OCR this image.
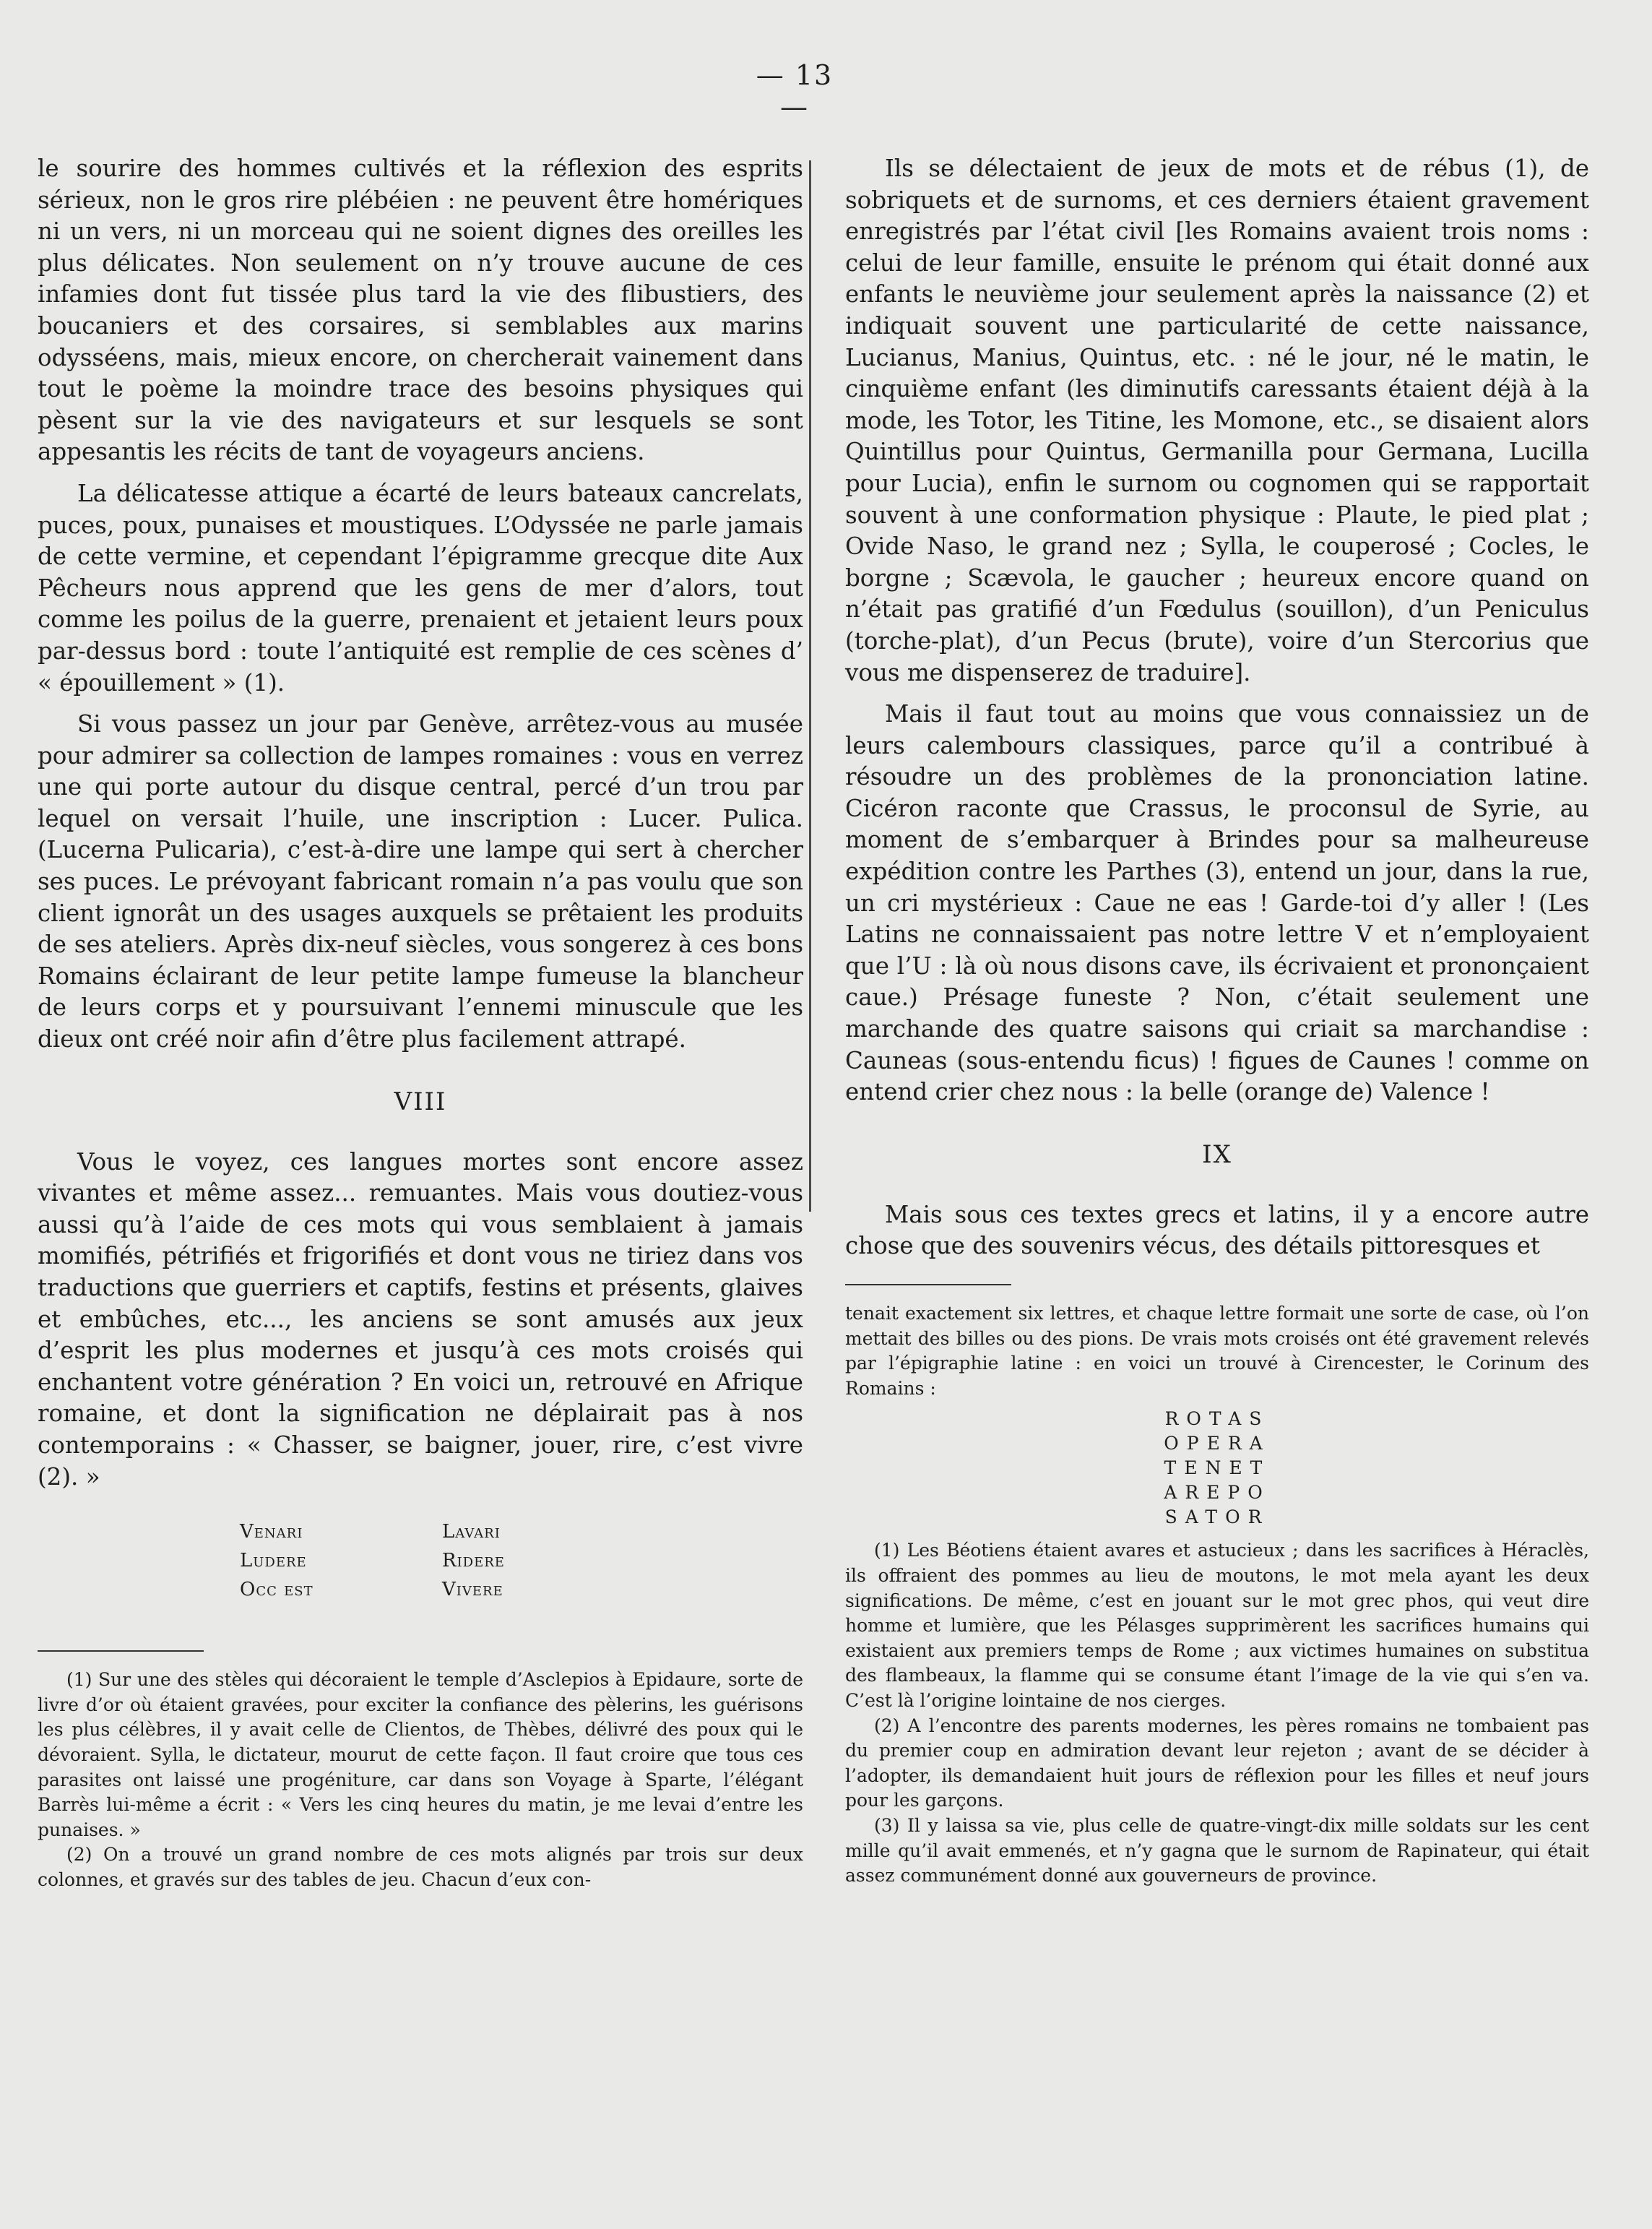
— 13 —

le sourire des hommes cultivés et la réflexion des esprits sérieux, non le gros rire plébéien : ne peuvent être homériques ni un vers, ni un morceau qui ne soient dignes des oreilles les plus délicates. Non seulement on n’y trouve aucune de ces infamies dont fut tissée plus tard la vie des flibustiers, des boucaniers et des corsaires, si semblables aux marins odysséens, mais, mieux encore, on chercherait vainement dans tout le poème la moindre trace des besoins physiques qui pèsent sur la vie des navigateurs et sur lesquels se sont appesantis les récits de tant de voyageurs anciens.

La délicatesse attique a écarté de leurs bateaux cancrelats, puces, poux, punaises et moustiques. L’Odyssée ne parle jamais de cette vermine, et cependant l’épigramme grecque dite Aux Pêcheurs nous apprend que les gens de mer d’alors, tout comme les poilus de la guerre, prenaient et jetaient leurs poux par-dessus bord : toute l’antiquité est remplie de ces scènes d’ « épouillement » (1).

Si vous passez un jour par Genève, arrêtez-vous au musée pour admirer sa collection de lampes romaines : vous en verrez une qui porte autour du disque central, percé d’un trou par lequel on versait l’huile, une inscription : Lucer. Pulica. (Lucerna Pulicaria), c’est-à-dire une lampe qui sert à chercher ses puces. Le prévoyant fabricant romain n’a pas voulu que son client ignorât un des usages auxquels se prêtaient les produits de ses ateliers. Après dix-neuf siècles, vous songerez à ces bons Romains éclairant de leur petite lampe fumeuse la blancheur de leurs corps et y poursuivant l’ennemi minuscule que les dieux ont créé noir afin d’être plus facilement attrapé.

VIII

Vous le voyez, ces langues mortes sont encore assez vivantes et même assez... remuantes. Mais vous doutiez-vous aussi qu’à l’aide de ces mots qui vous semblaient à jamais momifiés, pétrifiés et frigorifiés et dont vous ne tiriez dans vos traductions que guerriers et captifs, festins et présents, glaives et embûches, etc..., les anciens se sont amusés aux jeux d’esprit les plus modernes et jusqu’à ces mots croisés qui enchantent votre génération ? En voici un, retrouvé en Afrique romaine, et dont la signification ne déplairait pas à nos contemporains : « Chasser, se baigner, jouer, rire, c’est vivre (2). »

Venari	Lavari
Ludere	Ridere
Occ est	Vivere

(1) Sur une des stèles qui décoraient le temple d’Asclepios à Epidaure, sorte de livre d’or où étaient gravées, pour exciter la confiance des pèlerins, les guérisons les plus célèbres, il y avait celle de Clientos, de Thèbes, délivré des poux qui le dévoraient. Sylla, le dictateur, mourut de cette façon. Il faut croire que tous ces parasites ont laissé une progéniture, car dans son Voyage à Sparte, l’élégant Barrès lui-même a écrit : « Vers les cinq heures du matin, je me levai d’entre les punaises. »

(2) On a trouvé un grand nombre de ces mots alignés par trois sur deux colonnes, et gravés sur des tables de jeu. Chacun d’eux con-

Ils se délectaient de jeux de mots et de rébus (1), de sobriquets et de surnoms, et ces derniers étaient gravement enregistrés par l’état civil [les Romains avaient trois noms : celui de leur famille, ensuite le prénom qui était donné aux enfants le neuvième jour seulement après la naissance (2) et indiquait souvent une particularité de cette naissance, Lucianus, Manius, Quintus, etc. : né le jour, né le matin, le cinquième enfant (les diminutifs caressants étaient déjà à la mode, les Totor, les Titine, les Momone, etc., se disaient alors Quintillus pour Quintus, Germanilla pour Germana, Lucilla pour Lucia), enfin le surnom ou cognomen qui se rapportait souvent à une conformation physique : Plaute, le pied plat ; Ovide Naso, le grand nez ; Sylla, le couperosé ; Cocles, le borgne ; Scævola, le gaucher ; heureux encore quand on n’était pas gratifié d’un Fœdulus (souillon), d’un Peniculus (torche-plat), d’un Pecus (brute), voire d’un Stercorius que vous me dispenserez de traduire].

Mais il faut tout au moins que vous connaissiez un de leurs calembours classiques, parce qu’il a contribué à résoudre un des problèmes de la prononciation latine. Cicéron raconte que Crassus, le proconsul de Syrie, au moment de s’embarquer à Brindes pour sa malheureuse expédition contre les Parthes (3), entend un jour, dans la rue, un cri mystérieux : Caue ne eas ! Garde-toi d’y aller ! (Les Latins ne connaissaient pas notre lettre V et n’employaient que l’U : là où nous disons cave, ils écrivaient et prononçaient caue.) Présage funeste ? Non, c’était seulement une marchande des quatre saisons qui criait sa marchandise : Cauneas (sous-entendu ficus) ! figues de Caunes ! comme on entend crier chez nous : la belle (orange de) Valence !

IX

Mais sous ces textes grecs et latins, il y a encore autre chose que des souvenirs vécus, des détails pittoresques et

tenait exactement six lettres, et chaque lettre formait une sorte de case, où l’on mettait des billes ou des pions. De vrais mots croisés ont été gravement relevés par l’épigraphie latine : en voici un trouvé à Cirencester, le Corinum des Romains :

ROTAS
OPERA
TENET
AREPO
SATOR

(1) Les Béotiens étaient avares et astucieux ; dans les sacrifices à Héraclès, ils offraient des pommes au lieu de moutons, le mot mela ayant les deux significations. De même, c’est en jouant sur le mot grec phos, qui veut dire homme et lumière, que les Pélasges supprimèrent les sacrifices humains qui existaient aux premiers temps de Rome ; aux victimes humaines on substitua des flambeaux, la flamme qui se consume étant l’image de la vie qui s’en va. C’est là l’origine lointaine de nos cierges.

(2) A l’encontre des parents modernes, les pères romains ne tombaient pas du premier coup en admiration devant leur rejeton ; avant de se décider à l’adopter, ils demandaient huit jours de réflexion pour les filles et neuf jours pour les garçons.

(3) Il y laissa sa vie, plus celle de quatre-vingt-dix mille soldats sur les cent mille qu’il avait emmenés, et n’y gagna que le surnom de Rapinateur, qui était assez communément donné aux gouverneurs de province.
